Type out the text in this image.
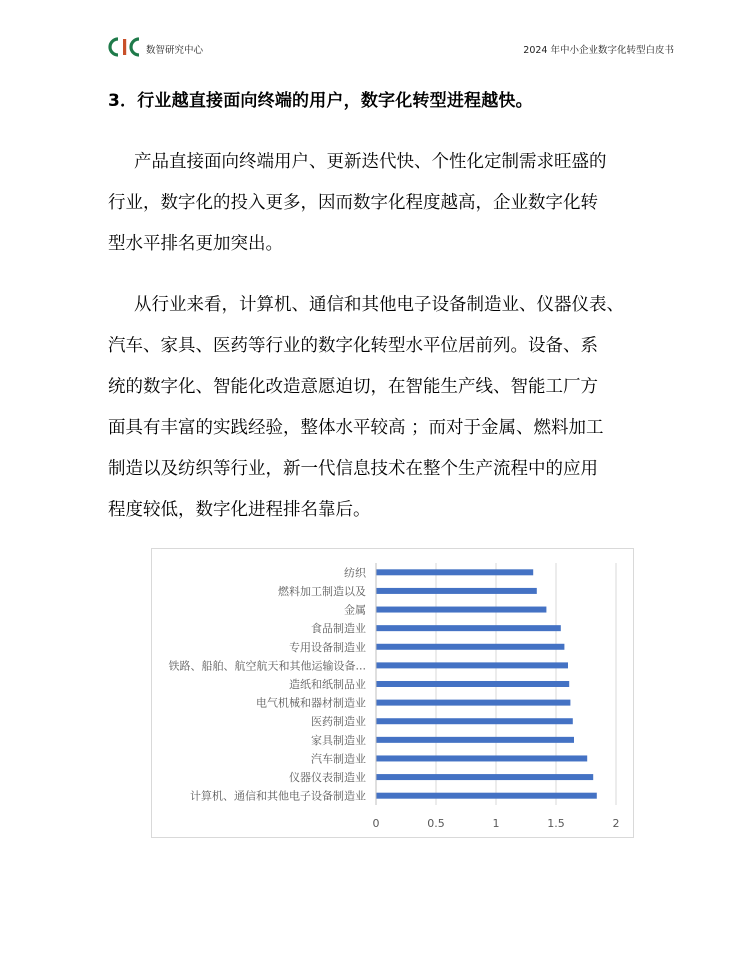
数智研究中心	2024 年中小企业数字化转型白皮书
3．行业越直接面向终端的用户，数字化转型进程越快。

产品直接面向终端用户、更新迭代快、个性化定制需求旺盛的
行业，数字化的投入更多，因而数字化程度越高，企业数字化转
型水平排名更加突出。

从行业来看，计算机、通信和其他电子设备制造业、仪器仪表、
汽车、家具、医药等行业的数字化转型水平位居前列。设备、系
统的数字化、智能化改造意愿迫切，在智能生产线、智能工厂方
面具有丰富的实践经验，整体水平较高 ；而对于金属、燃料加工
制造以及纺织等行业，新一代信息技术在整个生产流程中的应用
程度较低，数字化进程排名靠后。

0	0.5	1	1.5	2
纺织
燃料加工制造以及
金属
食品制造业
专用设备制造业
铁路、船舶、航空航天和其他运输设备...
造纸和纸制品业
电气机械和器材制造业
医药制造业
家具制造业
汽车制造业
仪器仪表制造业
计算机、通信和其他电子设备制造业
